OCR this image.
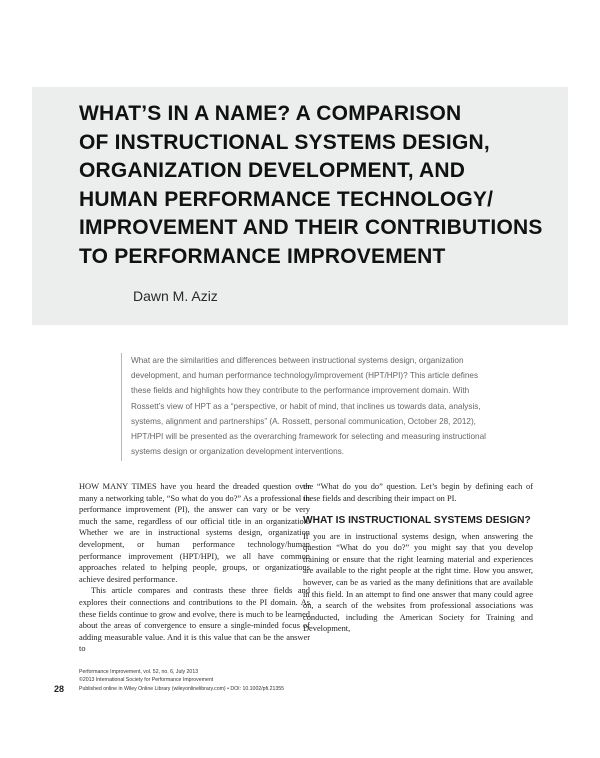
WHAT’S IN A NAME? A COMPARISON
OF INSTRUCTIONAL SYSTEMS DESIGN,
ORGANIZATION DEVELOPMENT, AND
HUMAN PERFORMANCE TECHNOLOGY/
IMPROVEMENT AND THEIR CONTRIBUTIONS
TO PERFORMANCE IMPROVEMENT
Dawn M. Aziz

What are the similarities and differences between instructional systems design, organization development, and human performance technology/improvement (HPT/HPI)? This article defines these fields and highlights how they contribute to the performance improvement domain. With Rossett’s view of HPT as a “perspective, or habit of mind, that inclines us towards data, analysis, systems, alignment and partnerships” (A. Rossett, personal communication, October 28, 2012), HPT/HPI will be presented as the overarching framework for selecting and measuring instructional systems design or organization development interventions.

HOW MANY TIMES have you heard the dreaded question over many a networking table, “So what do you do?” As a professional in performance improvement (PI), the answer can vary or be very much the same, regardless of our official title in an organization. Whether we are in instructional systems design, organization development, or human performance technology/human performance improvement (HPT/HPI), we all have common approaches related to helping people, groups, or organizations achieve desired performance.

This article compares and contrasts these three fields and explores their connections and contributions to the PI domain. As these fields continue to grow and evolve, there is much to be learned about the areas of convergence to ensure a single-minded focus of adding measurable value. And it is this value that can be the answer to

the “What do you do” question. Let’s begin by defining each of these fields and describing their impact on PI.

WHAT IS INSTRUCTIONAL SYSTEMS DESIGN?

If you are in instructional systems design, when answering the question “What do you do?” you might say that you develop training or ensure that the right learning material and experiences are available to the right people at the right time. How you answer, however, can be as varied as the many definitions that are available in this field. In an attempt to find one answer that many could agree on, a search of the websites from professional associations was conducted, including the American Society for Training and Development,

Performance Improvement, vol. 52, no. 6, July 2013
©2013 International Society for Performance Improvement
Published online in Wiley Online Library (wileyonlinelibrary.com) • DOI: 10.1002/pfi.21355
28
